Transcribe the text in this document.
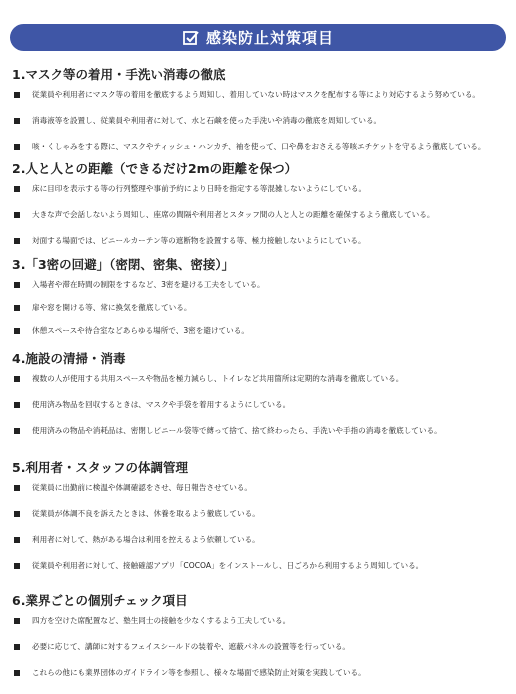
感染防止対策項目
1.マスク等の着用・手洗い消毒の徹底
従業員や利用者にマスク等の着用を徹底するよう周知し、着用していない時はマスクを配布する等により対応するよう努めている。
消毒液等を設置し、従業員や利用者に対して、水と石鹸を使った手洗いや消毒の徹底を周知している。
咳・くしゃみをする際に、マスクやティッシュ・ハンカチ、袖を使って、口や鼻をおさえる等咳エチケットを守るよう徹底している。
2.人と人との距離（できるだけ2mの距離を保つ）
床に目印を表示する等の行列整理や事前予約により日時を指定する等混雑しないようにしている。
大きな声で会話しないよう周知し、座席の間隔や利用者とスタッフ間の人と人との距離を確保するよう徹底している。
対面する場面では、ビニールカーテン等の遮断物を設置する等、極力接触しないようにしている。
3.「3密の回避」（密閉、密集、密接）」
入場者や滞在時間の制限をするなど、3密を避ける工夫をしている。
扉や窓を開ける等、常に換気を徹底している。
休憩スペースや待合室などあらゆる場所で、3密を避けている。
4.施設の清掃・消毒
複数の人が使用する共用スペースや物品を極力減らし、トイレなど共用箇所は定期的な消毒を徹底している。
使用済み物品を回収するときは、マスクや手袋を着用するようにしている。
使用済みの物品や消耗品は、密閉しビニール袋等で縛って捨て、捨て終わったら、手洗いや手指の消毒を徹底している。
5.利用者・スタッフの体調管理
従業員に出勤前に検温や体調確認をさせ、毎日報告させている。
従業員が体調不良を訴えたときは、休養を取るよう徹底している。
利用者に対して、熱がある場合は利用を控えるよう依頼している。
従業員や利用者に対して、接触確認アプリ「COCOA」をインストールし、日ごろから利用するよう周知している。
6.業界ごとの個別チェック項目
四方を空けた席配置など、塾生同士の接触を少なくするよう工夫している。
必要に応じて、講師に対するフェイスシールドの装着や、遮蔽パネルの設置等を行っている。
これらの他にも業界団体のガイドライン等を参照し、様々な場面で感染防止対策を実践している。
